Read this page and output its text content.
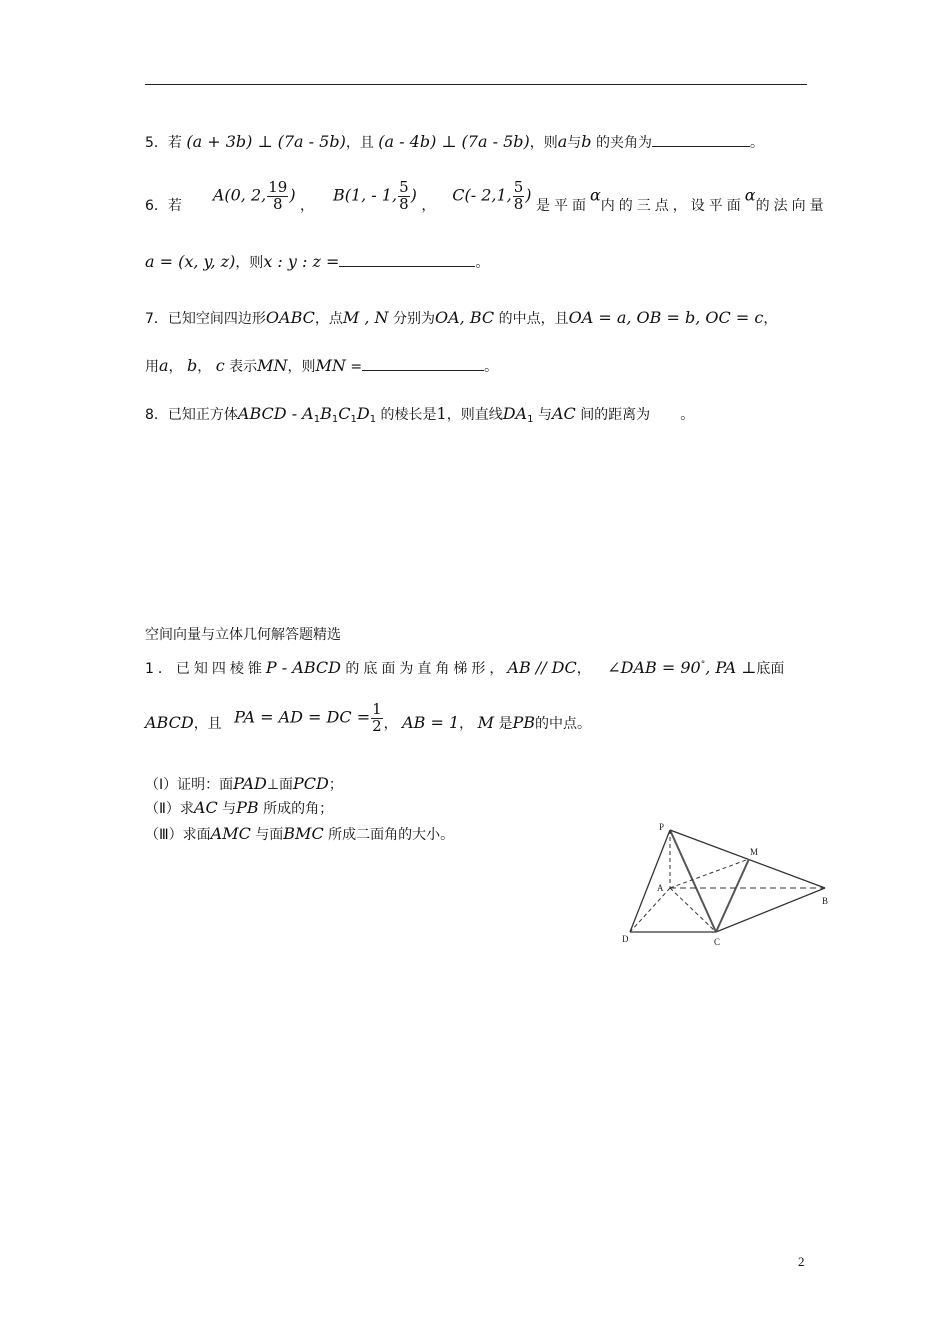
5．若 (a + 3b) ⊥ (7a - 5b)，且 (a - 4b) ⊥ (7a - 5b)，则a与b 的夹角为	。
6．若  A(0, 2, $\frac{19}{8}$ ) ，  B(1, - 1, $\frac{5}{8}$ ) ，  C(- 2,1, $\frac{5}{8}$ ) 是平面α内的三点，设平面α的法向量
a = (x, y, z)，则x : y : z =	。
7．已知空间四边形OABC，点M , N 分别为OA, BC 的中点，且OA = a, OB = b, OC = c，
用a， b， c 表示MN，则MN =	。
8．已知正方体ABCD - $A_1B_1C_1D_1$ 的棱长是1，则直线$DA_1$ 与AC 间的距离为 。
空间向量与立体几何解答题精选
1．已知四棱锥P - ABCD 的底面为直角梯形，AB // DC， ∠DAB = 90°, PA ⊥底面
ABCD，且 PA = AD = DC = $\frac{1}{2}$ ， AB = 1， M 是PB的中点。
（Ⅰ）证明：面PAD⊥面PCD；
（Ⅱ）求AC 与PB 所成的角；
（Ⅲ）求面AMC 与面BMC 所成二面角的大小。	P
M
A
B
C
D
2
